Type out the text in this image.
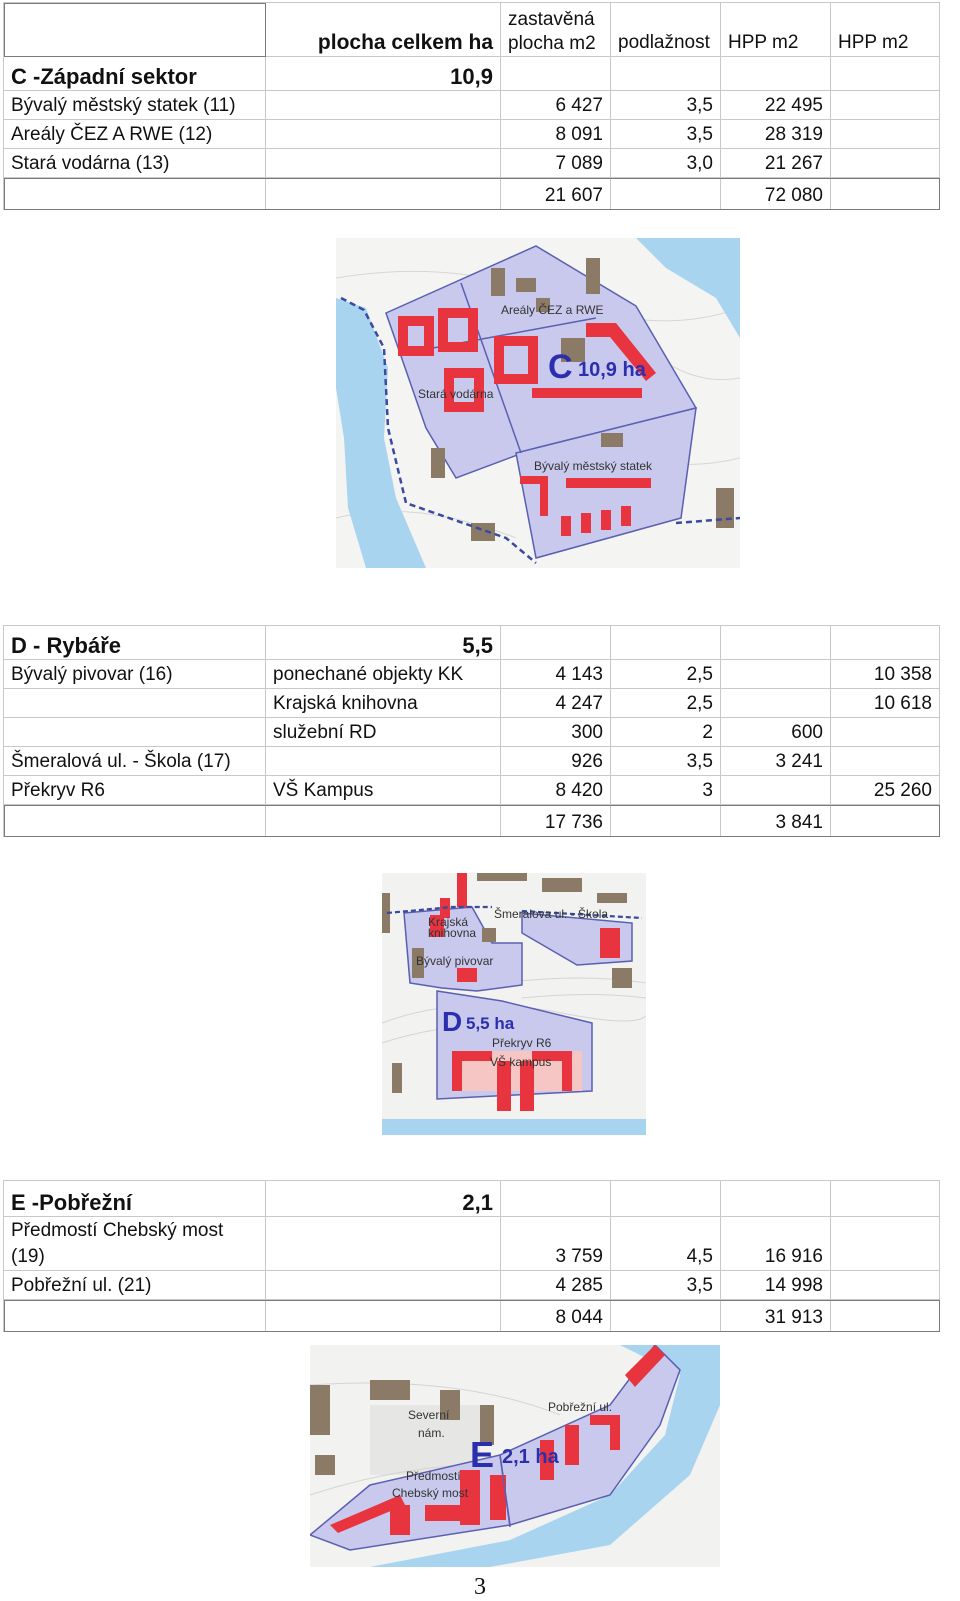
	plocha celkem ha	zastavěná
plocha m2	podlažnost	HPP m2	HPP m2
C -Západní sektor	10,9				
Bývalý městský statek (11)		6 427	3,5	22 495	
Areály ČEZ A RWE (12)		8 091	3,5	28 319	
Stará vodárna (13)		7 089	3,0	21 267	
		21 607		72 080	
Areály ČEZ a RWE
Stará vodárna
Bývalý městský statek
C 10,9 ha
D - Rybáře	5,5				
Bývalý pivovar (16)	ponechané objekty KK	4 143	2,5		10 358
	Krajská knihovna	4 247	2,5		10 618
	služební RD	300	2	600	
Šmeralová ul. - Škola (17)		926	3,5	3 241	
Překryv R6	VŠ Kampus	8 420	3		25 260
		17 736		3 841	
Krajská
knihovna
Šmeralova ul. - Škola
Bývalý pivovar
Překryv R6
VŠ kampus
D 5,5 ha
E -Pobřežní	2,1				
Předmostí Chebský most
(19)		3 759	4,5	16 916	
Pobřežní ul. (21)		4 285	3,5	14 998	
		8 044		31 913	
Severní
nám.
Pobřežní ul.
Předmostí
Chebský most
E 2,1 ha
3
